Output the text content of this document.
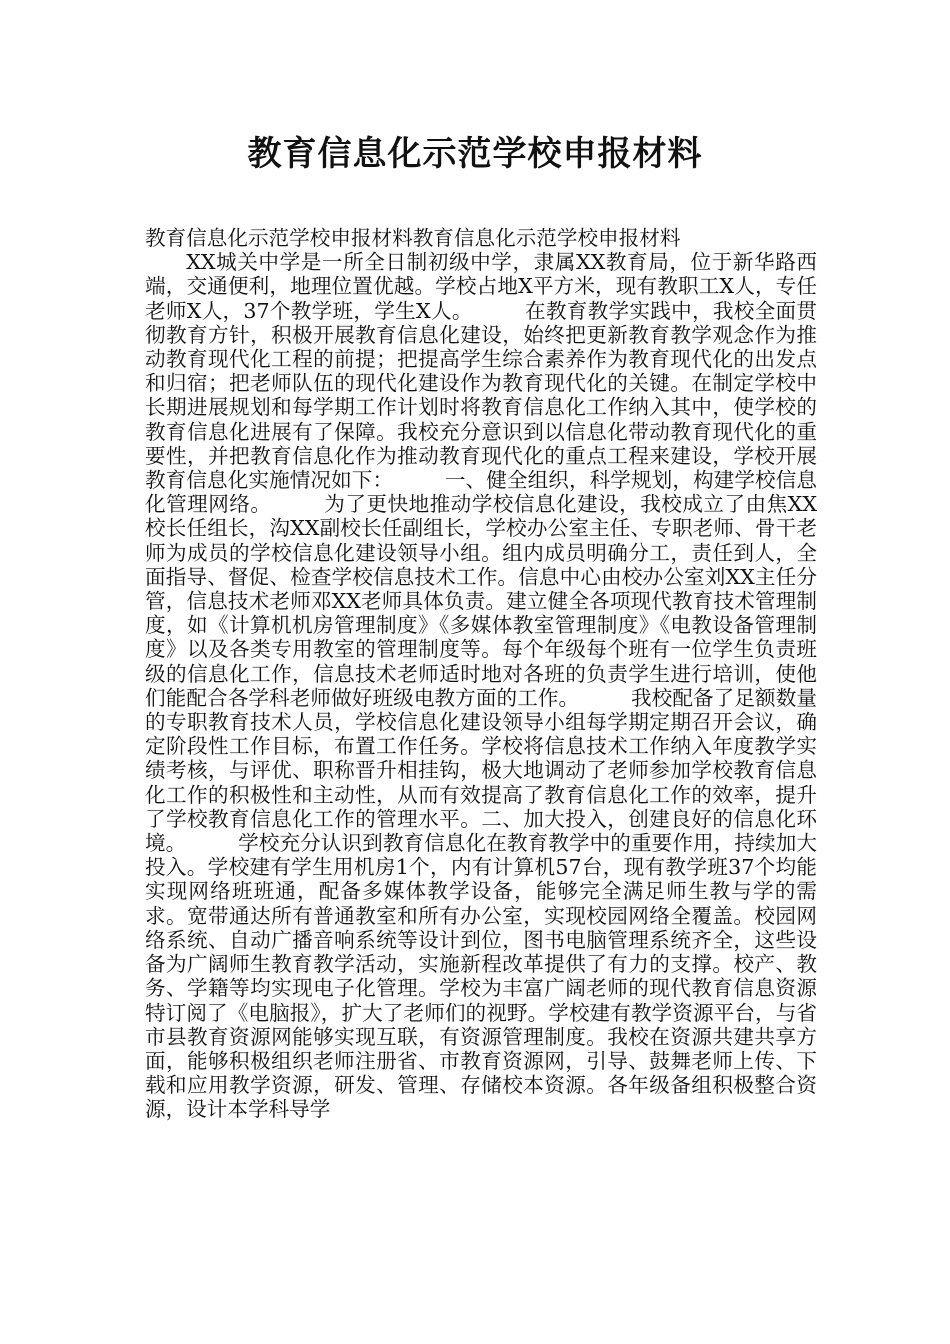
教育信息化示范学校申报材料

教育信息化示范学校申报材料教育信息化示范学校申报材料

XX城关中学是一所全日制初级中学，隶属XX教育局，位于新华路西端，交通便利，地理位置优越。学校占地X平方米，现有教职工X人，专任老师X人，37个教学班，学生X人。　　　在教育教学实践中，我校全面贯彻教育方针，积极开展教育信息化建设，始终把更新教育教学观念作为推动教育现代化工程的前提；把提高学生综合素养作为教育现代化的出发点和归宿；把老师队伍的现代化建设作为教育现代化的关键。在制定学校中长期进展规划和每学期工作计划时将教育信息化工作纳入其中，使学校的教育信息化进展有了保障。我校充分意识到以信息化带动教育现代化的重要性，并把教育信息化作为推动教育现代化的重点工程来建设，学校开展教育信息化实施情况如下：　　　一、健全组织，科学规划，构建学校信息化管理网络。　　　为了更快地推动学校信息化建设，我校成立了由焦XX校长任组长，沟XX副校长任副组长，学校办公室主任、专职老师、骨干老师为成员的学校信息化建设领导小组。组内成员明确分工，责任到人，全面指导、督促、检查学校信息技术工作。信息中心由校办公室刘XX主任分管，信息技术老师邓XX老师具体负责。建立健全各项现代教育技术管理制度，如《计算机机房管理制度》《多媒体教室管理制度》《电教设备管理制度》以及各类专用教室的管理制度等。每个年级每个班有一位学生负责班级的信息化工作，信息技术老师适时地对各班的负责学生进行培训，使他们能配合各学科老师做好班级电教方面的工作。　　　我校配备了足额数量的专职教育技术人员，学校信息化建设领导小组每学期定期召开会议，确定阶段性工作目标，布置工作任务。学校将信息技术工作纳入年度教学实绩考核，与评优、职称晋升相挂钩，极大地调动了老师参加学校教育信息化工作的积极性和主动性，从而有效提高了教育信息化工作的效率，提升了学校教育信息化工作的管理水平。二、加大投入，创建良好的信息化环境。　　　学校充分认识到教育信息化在教育教学中的重要作用，持续加大投入。学校建有学生用机房1个，内有计算机57台，现有教学班37个均能实现网络班班通，配备多媒体教学设备，能够完全满足师生教与学的需求。宽带通达所有普通教室和所有办公室，实现校园网络全覆盖。校园网络系统、自动广播音响系统等设计到位，图书电脑管理系统齐全，这些设备为广阔师生教育教学活动，实施新程改革提供了有力的支撑。校产、教务、学籍等均实现电子化管理。学校为丰富广阔老师的现代教育信息资源特订阅了《电脑报》，扩大了老师们的视野。学校建有教学资源平台，与省市县教育资源网能够实现互联，有资源管理制度。我校在资源共建共享方面，能够积极组织老师注册省、市教育资源网，引导、鼓舞老师上传、下载和应用教学资源，研发、管理、存储校本资源。各年级备组积极整合资源，设计本学科导学
